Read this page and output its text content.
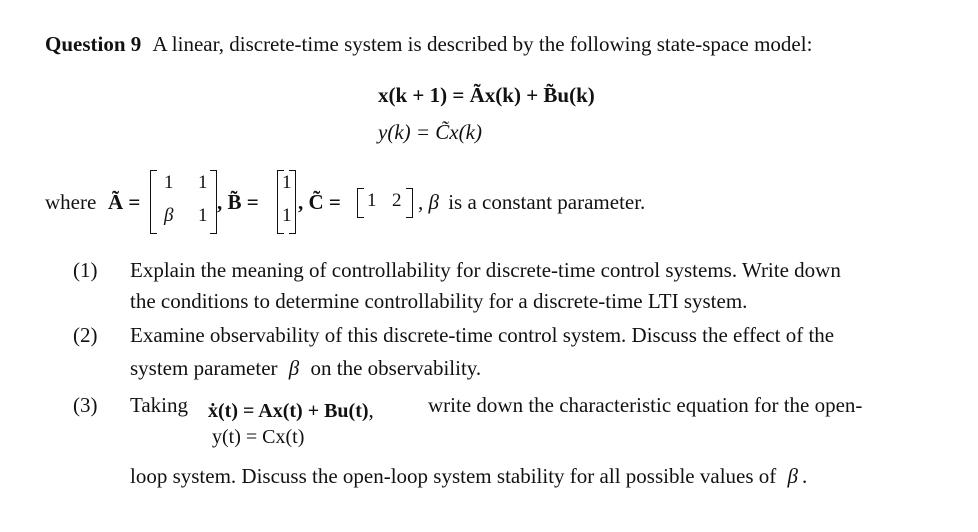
Question 9 A linear, discrete-time system is described by the following state-space model:
x(k + 1) = Ãx(k) + B̃u(k)
y(k) = C̃x(k)
where Ã =
1 1
β 1
, B̃ =
1
1
, C̃ = 1 2 , β is a constant parameter.
(1) Explain the meaning of controllability for discrete-time control systems. Write down
the conditions to determine controllability for a discrete-time LTI system.
(2) Examine observability of this discrete-time control system. Discuss the effect of the
system parameter β on the observability.
(3) Taking ẋ(t) = Ax(t) + Bu(t),	write down the characteristic equation for the open-
y(t) = Cx(t)
loop system. Discuss the open-loop system stability for all possible values of β .
